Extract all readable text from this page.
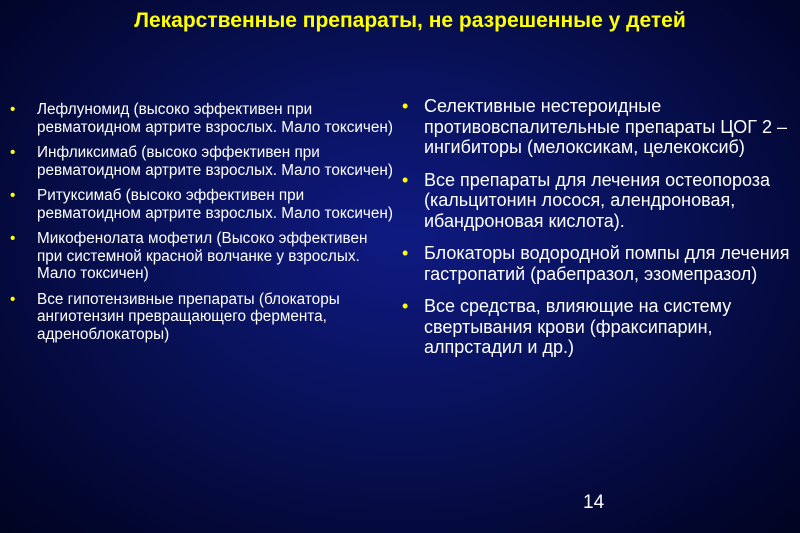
Лекарственные препараты, не разрешенные у детей
• Лефлуномид (высоко эффективен при ревматоидном артрите взрослых. Мало токсичен)
• Инфликсимаб (высоко эффективен при ревматоидном артрите взрослых. Мало токсичен)
• Ритуксимаб (высоко эффективен при ревматоидном артрите взрослых. Мало токсичен)
• Микофенолата мофетил (Высоко эффективен при системной красной волчанке у взрослых. Мало токсичен)
• Все гипотензивные препараты (блокаторы ангиотензин превращающего фермента, адреноблокаторы)
• Селективные нестероидные противовспалительные препараты ЦОГ 2 – ингибиторы (мелоксикам, целекоксиб)
• Все препараты для лечения остеопороза (кальцитонин лосося, алендроновая, ибандроновая кислота).
• Блокаторы водородной помпы для лечения гастропатий (рабепразол, эзомепразол)
• Все средства, влияющие на систему свертывания крови (фраксипарин, алпрстадил и др.)
14
